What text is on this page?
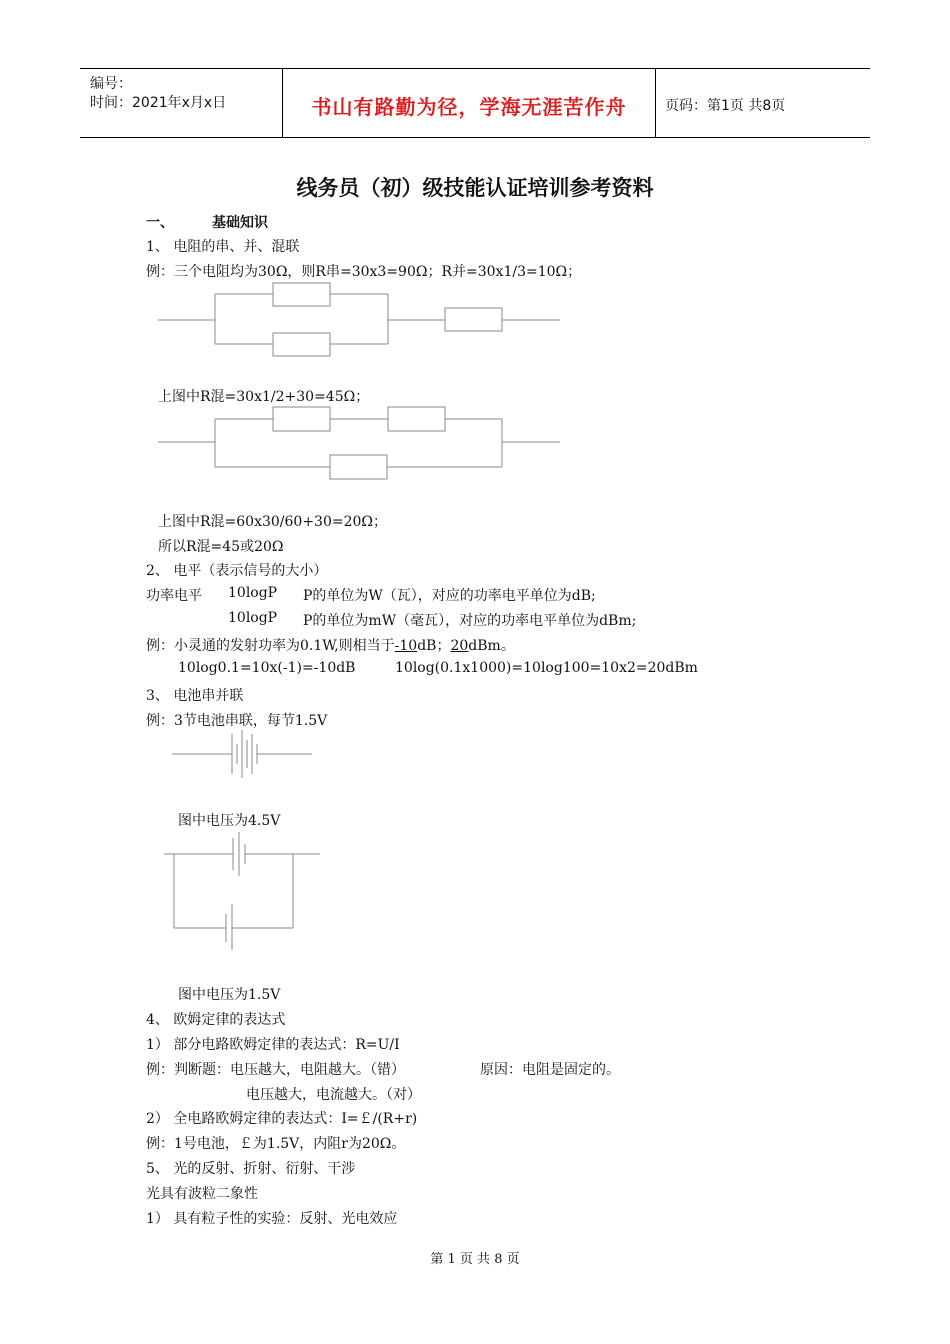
编号：
时间：2021年x月x日	书山有路勤为径，学海无涯苦作舟	页码：第1页 共8页
线务员（初）级技能认证培训参考资料
一、	基础知识
1、 电阻的串、并、混联
例：三个电阻均为30Ω，则R串=30x3=90Ω；R并=30x1/3=10Ω；
上图中R混=30x1/2+30=45Ω；
上图中R混=60x30/60+30=20Ω；
所以R混=45或20Ω
2、 电平（表示信号的大小）
功率电平 10logP P的单位为W（瓦），对应的功率电平单位为dB;
10logP P的单位为mW（毫瓦），对应的功率电平单位为dBm;
例：小灵通的发射功率为0.1W,则相当于-10dB；20dBm。
10log0.1=10x(-1)=-10dB	10log(0.1x1000)=10log100=10x2=20dBm
3、 电池串并联
例：3节电池串联，每节1.5V
图中电压为4.5V
图中电压为1.5V
4、 欧姆定律的表达式
1） 部分电路欧姆定律的表达式：R=U/I
例：判断题：电压越大，电阻越大。（错）	原因：电阻是固定的。
电压越大，电流越大。（对）
2） 全电路欧姆定律的表达式：I=￡/(R+r)
例：1号电池，￡为1.5V，内阻r为20Ω。
5、 光的反射、折射、衍射、干涉
光具有波粒二象性
1） 具有粒子性的实验：反射、光电效应
第 1 页 共 8 页
